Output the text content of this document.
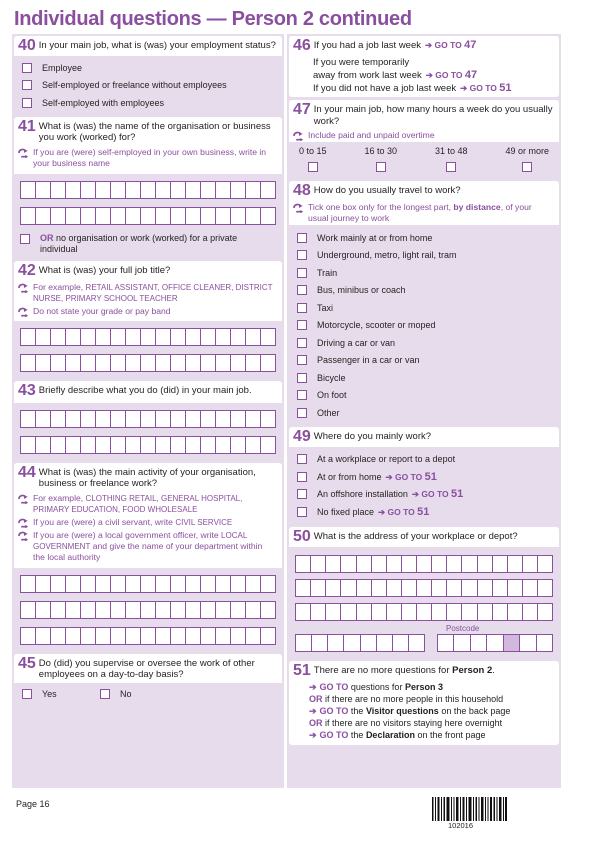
Individual questions — Person 2 continued
40 In your main job, what is (was) your employment status?
Employee
Self-employed or freelance without employees
Self-employed with employees
41 What is (was) the name of the organisation or business you work (worked) for?
If you are (were) self-employed in your own business, write in your business name
OR no organisation or work (worked) for a private individual
42 What is (was) your full job title?
For example, RETAIL ASSISTANT, OFFICE CLEANER, DISTRICT NURSE, PRIMARY SCHOOL TEACHER
Do not state your grade or pay band
43 Briefly describe what you do (did) in your main job.
44 What is (was) the main activity of your organisation, business or freelance work?
For example, CLOTHING RETAIL, GENERAL HOSPITAL, PRIMARY EDUCATION, FOOD WHOLESALE
If you are (were) a civil servant, write CIVIL SERVICE
If you are (were) a local government officer, write LOCAL GOVERNMENT and give the name of your department within the local authority
45 Do (did) you supervise or oversee the work of other employees on a day-to-day basis?
Yes	No
46 If you had a job last week ➔ GO TO 47
If you were temporarily
away from work last week ➔ GO TO 47
If you did not have a job last week ➔ GO TO 51
47 In your main job, how many hours a week do you usually work?
Include paid and unpaid overtime
0 to 15	16 to 30	31 to 48	49 or more
48 How do you usually travel to work?
Tick one box only for the longest part, by distance, of your usual journey to work
Work mainly at or from home
Underground, metro, light rail, tram
Train
Bus, minibus or coach
Taxi
Motorcycle, scooter or moped
Driving a car or van
Passenger in a car or van
Bicycle
On foot
Other
49 Where do you mainly work?
At a workplace or report to a depot
At or from home ➔ GO TO 51
An offshore installation ➔ GO TO 51
No fixed place ➔ GO TO 51
50 What is the address of your workplace or depot?
Postcode
51 There are no more questions for Person 2.
➔ GO TO
questions for
Person 3
OR
if there are no more people in this household
➔ GO TO
the
Visitor questions
on the back page
OR
if there are no visitors staying here overnight
➔ GO TO
the
Declaration
on the front page
Page 16
102016
